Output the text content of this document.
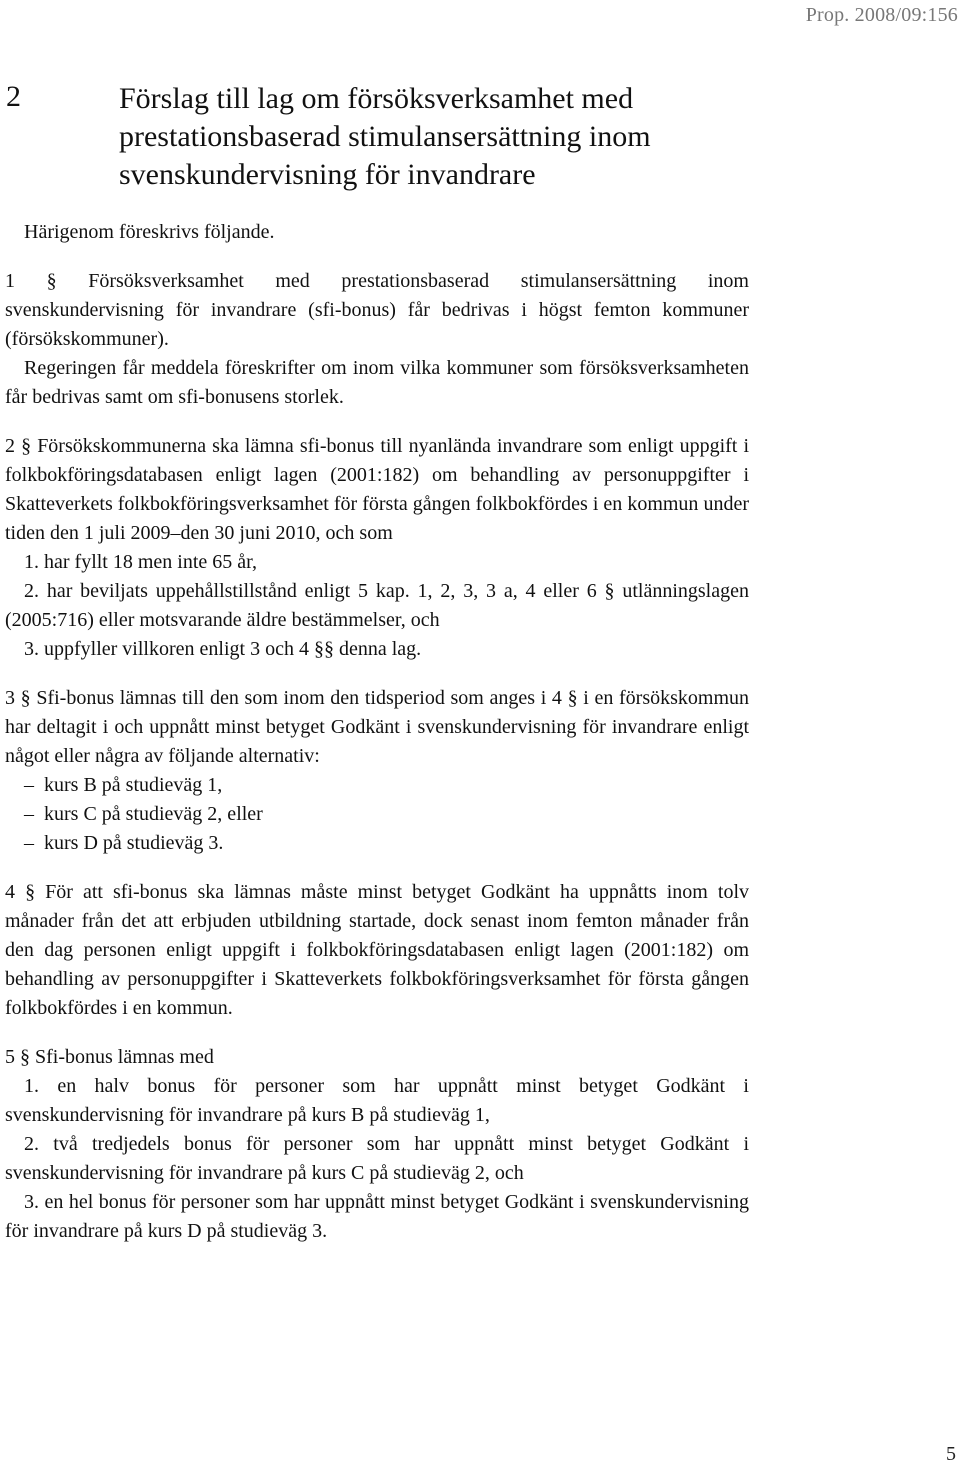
Prop. 2008/09:156
2	Förslag till lag om försöksverksamhet med
prestationsbaserad stimulansersättning inom
svenskundervisning för invandrare

Härigenom föreskrivs följande.

1 § Försöksverksamhet med prestationsbaserad stimulansersättning inom svenskundervisning för invandrare (sfi-bonus) får bedrivas i högst femton kommuner (försökskommuner).

Regeringen får meddela föreskrifter om inom vilka kommuner som försöksverksamheten får bedrivas samt om sfi-bonusens storlek.

2 § Försökskommunerna ska lämna sfi-bonus till nyanlända invandrare som enligt uppgift i folkbokföringsdatabasen enligt lagen (2001:182) om behandling av personuppgifter i Skatteverkets folkbokföringsverksamhet för första gången folkbokfördes i en kommun under tiden den 1 juli 2009–den 30 juni 2010, och som

1. har fyllt 18 men inte 65 år,

2. har beviljats uppehållstillstånd enligt 5 kap. 1, 2, 3, 3 a, 4 eller 6 § utlänningslagen (2005:716) eller motsvarande äldre bestämmelser, och

3. uppfyller villkoren enligt 3 och 4 §§ denna lag.

3 § Sfi-bonus lämnas till den som inom den tidsperiod som anges i 4 § i en försökskommun har deltagit i och uppnått minst betyget Godkänt i svenskundervisning för invandrare enligt något eller några av följande alternativ:

– kurs B på studieväg 1,

– kurs C på studieväg 2, eller

– kurs D på studieväg 3.

4 § För att sfi-bonus ska lämnas måste minst betyget Godkänt ha uppnåtts inom tolv månader från det att erbjuden utbildning startade, dock senast inom femton månader från den dag personen enligt uppgift i folkbokföringsdatabasen enligt lagen (2001:182) om behandling av personuppgifter i Skatteverkets folkbokföringsverksamhet för första gången folkbokfördes i en kommun.

5 § Sfi-bonus lämnas med

1. en halv bonus för personer som har uppnått minst betyget Godkänt i svenskundervisning för invandrare på kurs B på studieväg 1,

2. två tredjedels bonus för personer som har uppnått minst betyget Godkänt i svenskundervisning för invandrare på kurs C på studieväg 2, och

3. en hel bonus för personer som har uppnått minst betyget Godkänt i svenskundervisning för invandrare på kurs D på studieväg 3.

5
